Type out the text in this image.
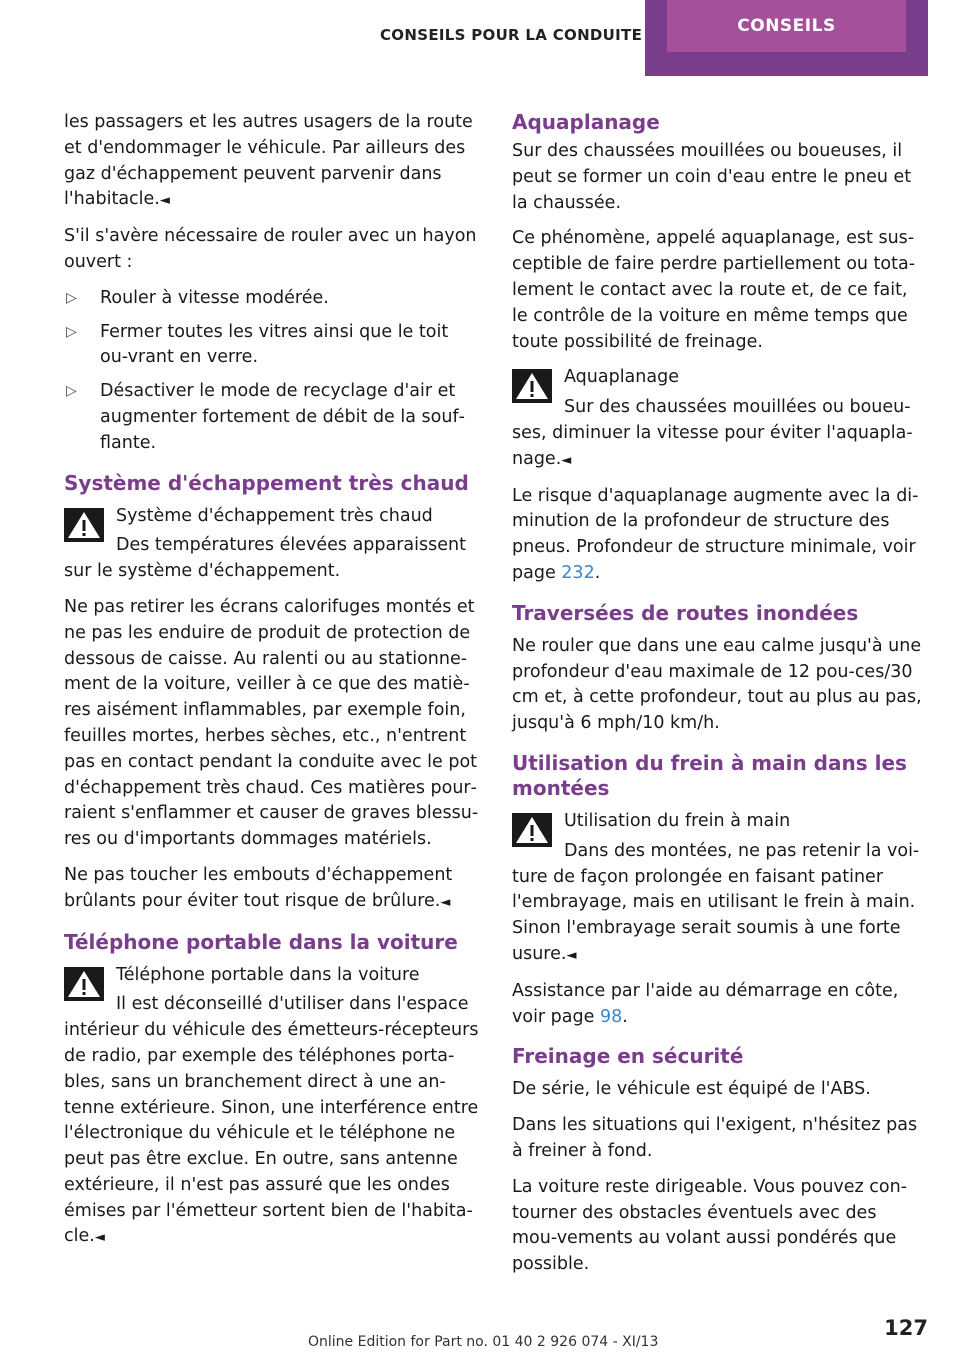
CONSEILS POUR LA CONDUITE	CONSEILS

les passagers et les autres usagers de la route et d'endommager le véhicule. Par ailleurs des gaz d'échappement peuvent parvenir dans l'habitacle.◄

S'il s'avère nécessaire de rouler avec un hayon ouvert :

▷ Rouler à vitesse modérée.
▷ Fermer toutes les vitres ainsi que le toit ou‐vrant en verre.
▷ Désactiver le mode de recyclage d'air et augmenter fortement de débit de la souf‐flante.
Système d'échappement très chaud
Système d'échappement très chaud
Des températures élevées apparaissent sur le système d'échappement.

Ne pas retirer les écrans calorifuges montés et ne pas les enduire de produit de protection de dessous de caisse. Au ralenti ou au stationne‐ment de la voiture, veiller à ce que des matiè‐res aisément inflammables, par exemple foin, feuilles mortes, herbes sèches, etc., n'entrent pas en contact pendant la conduite avec le pot d'échappement très chaud. Ces matières pour‐raient s'enflammer et causer de graves blessu‐res ou d'importants dommages matériels.

Ne pas toucher les embouts d'échappement brûlants pour éviter tout risque de brûlure.◄

Téléphone portable dans la voiture
Téléphone portable dans la voiture
Il est déconseillé d'utiliser dans l'espace intérieur du véhicule des émetteurs-récepteurs de radio, par exemple des téléphones porta‐bles, sans un branchement direct à une an‐tenne extérieure. Sinon, une interférence entre l'électronique du véhicule et le téléphone ne peut pas être exclue. En outre, sans antenne extérieure, il n'est pas assuré que les ondes émises par l'émetteur sortent bien de l'habita‐cle.◄
Aquaplanage

Sur des chaussées mouillées ou boueuses, il peut se former un coin d'eau entre le pneu et la chaussée.

Ce phénomène, appelé aquaplanage, est sus‐ceptible de faire perdre partiellement ou tota‐lement le contact avec la route et, de ce fait, le contrôle de la voiture en même temps que toute possibilité de freinage.

Aquaplanage
Sur des chaussées mouillées ou boueu‐ses, diminuer la vitesse pour éviter l'aquapla‐nage.◄

Le risque d'aquaplanage augmente avec la di‐minution de la profondeur de structure des pneus. Profondeur de structure minimale, voir page 232.

Traversées de routes inondées

Ne rouler que dans une eau calme jusqu'à une profondeur d'eau maximale de 12 pou‐ces/30 cm et, à cette profondeur, tout au plus au pas, jusqu'à 6 mph/10 km/h.

Utilisation du frein à main dans les montées
Utilisation du frein à main
Dans des montées, ne pas retenir la voi‐ture de façon prolongée en faisant patiner l'embrayage, mais en utilisant le frein à main. Sinon l'embrayage serait soumis à une forte usure.◄

Assistance par l'aide au démarrage en côte, voir page 98.

Freinage en sécurité

De série, le véhicule est équipé de l'ABS.

Dans les situations qui l'exigent, n'hésitez pas à freiner à fond.

La voiture reste dirigeable. Vous pouvez con‐tourner des obstacles éventuels avec des mou‐vements au volant aussi pondérés que possible.

Online Edition for Part no. 01 40 2 926 074 - XI/13
127
